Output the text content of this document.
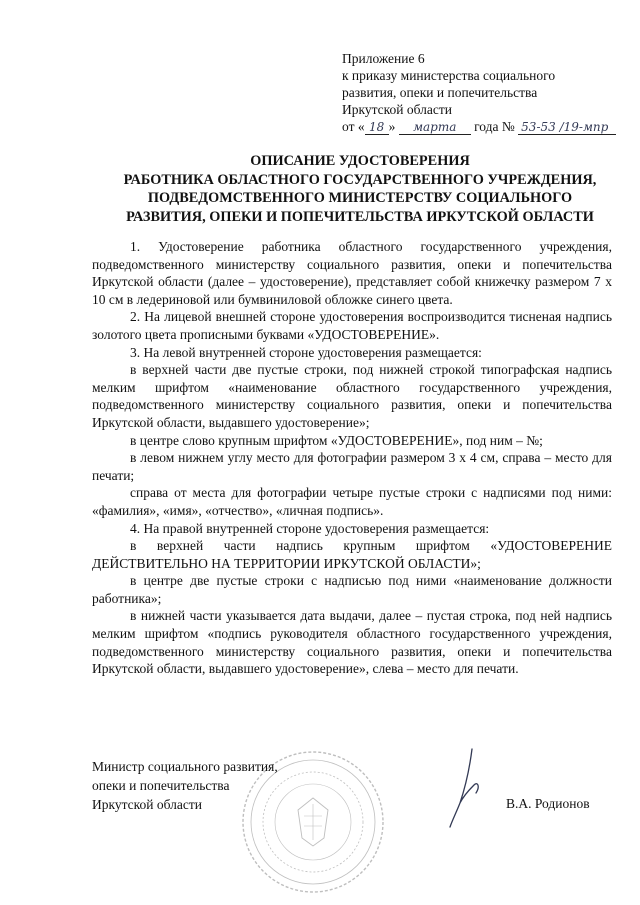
Приложение 6
к приказу министерства социального
развития, опеки и попечительства
Иркутской области
от « 18 » марта года № 53-53 /19-мпр
ОПИСАНИЕ УДОСТОВЕРЕНИЯ
РАБОТНИКА ОБЛАСТНОГО ГОСУДАРСТВЕННОГО УЧРЕЖДЕНИЯ,
ПОДВЕДОМСТВЕННОГО МИНИСТЕРСТВУ СОЦИАЛЬНОГО
РАЗВИТИЯ, ОПЕКИ И ПОПЕЧИТЕЛЬСТВА ИРКУТСКОЙ ОБЛАСТИ

1. Удостоверение работника областного государственного учреждения, подведомственного министерству социального развития, опеки и попечительства Иркутской области (далее – удостоверение), представляет собой книжечку размером 7 х 10 см в ледериновой или бумвиниловой обложке синего цвета.

2. На лицевой внешней стороне удостоверения воспроизводится тисненая надпись золотого цвета прописными буквами «УДОСТОВЕРЕНИЕ».

3. На левой внутренней стороне удостоверения размещается:

в верхней части две пустые строки, под нижней строкой типографская надпись мелким шрифтом «наименование областного государственного учреждения, подведомственного министерству социального развития, опеки и попечительства Иркутской области, выдавшего удостоверение»;

в центре слово крупным шрифтом «УДОСТОВЕРЕНИЕ», под ним – №;

в левом нижнем углу место для фотографии размером 3 х 4 см, справа – место для печати;

справа от места для фотографии четыре пустые строки с надписями под ними: «фамилия», «имя», «отчество», «личная подпись».

4. На правой внутренней стороне удостоверения размещается:

в верхней части надпись крупным шрифтом «УДОСТОВЕРЕНИЕ ДЕЙСТВИТЕЛЬНО НА ТЕРРИТОРИИ ИРКУТСКОЙ ОБЛАСТИ»;

в центре две пустые строки с надписью под ними «наименование должности работника»;

в нижней части указывается дата выдачи, далее – пустая строка, под ней надпись мелким шрифтом «подпись руководителя областного государственного учреждения, подведомственного министерству социального развития, опеки и попечительства Иркутской области, выдавшего удостоверение», слева – место для печати.

Министр социального развития,
опеки и попечительства
Иркутской области	В.А. Родионов
